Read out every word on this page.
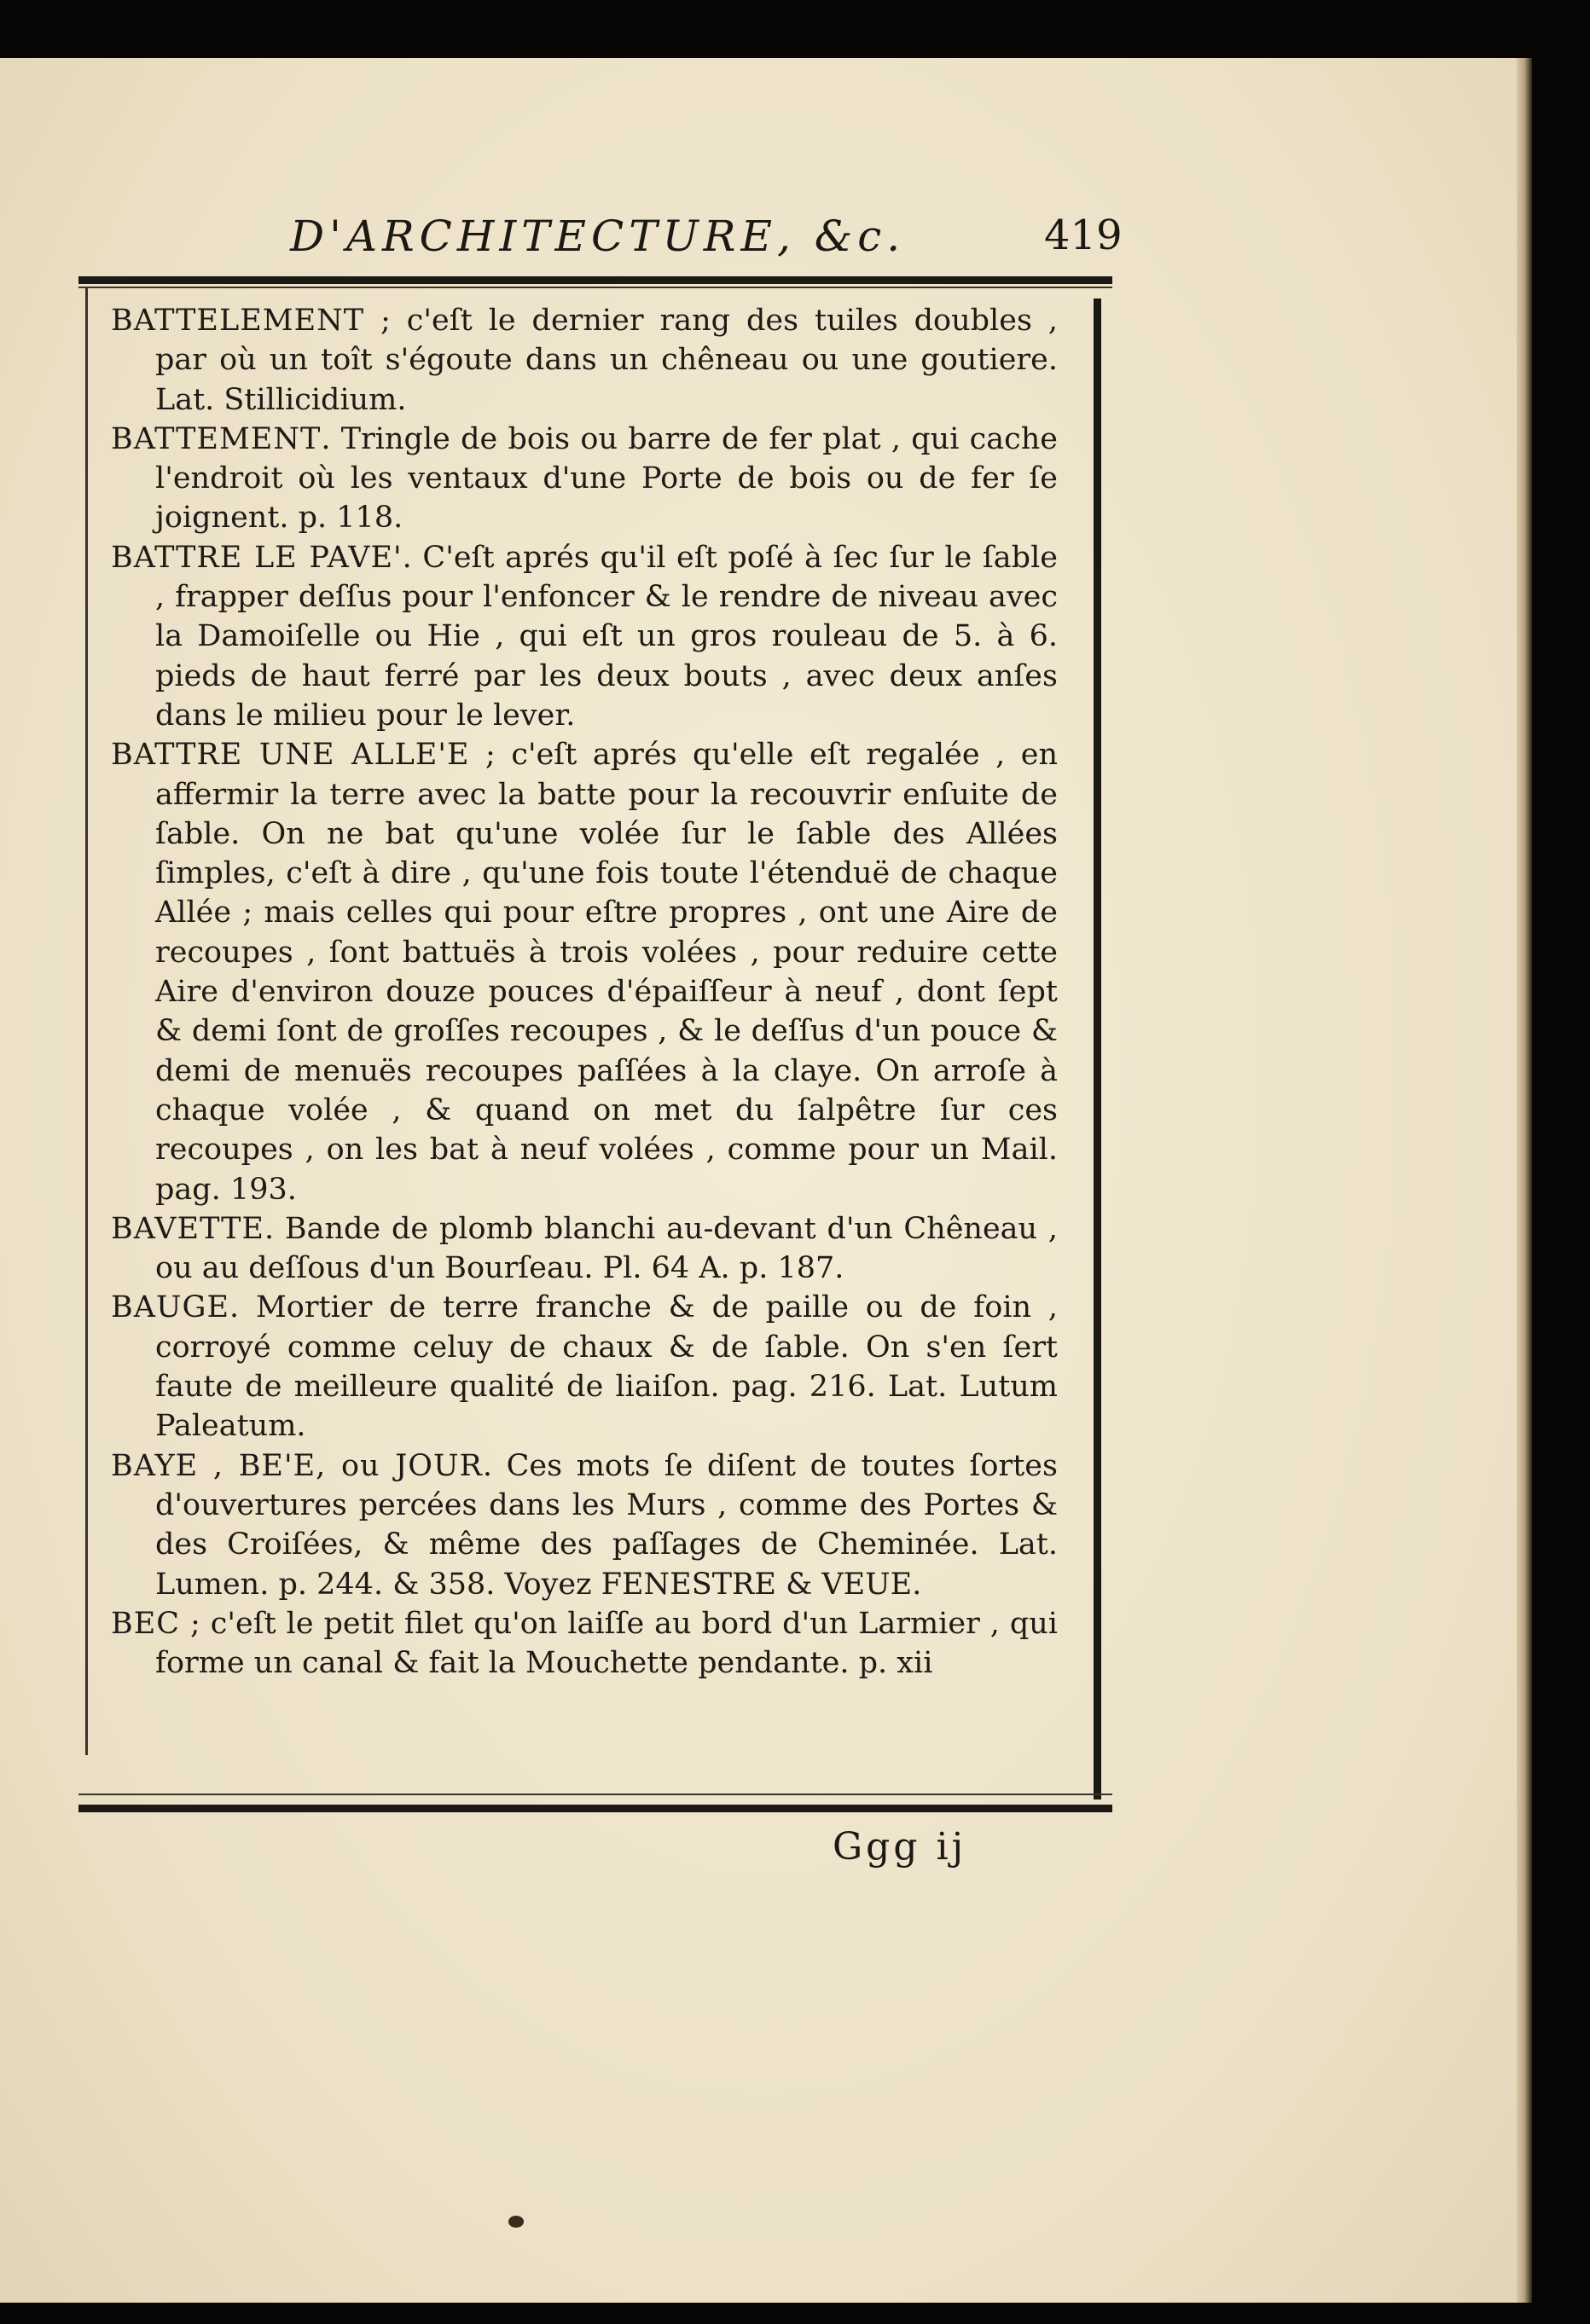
D'ARCHITECTURE, &c.	419

BATTELEMENT ; c'eſt le dernier rang des tuiles doubles , par où un toît s'égoute dans un chêneau ou une goutiere. Lat. Stillicidium.

BATTEMENT. Tringle de bois ou barre de fer plat , qui cache l'endroit où les ventaux d'une Porte de bois ou de fer ſe joignent. p. 118.

BATTRE LE PAVE'. C'eſt aprés qu'il eſt poſé à ſec ſur le ſable , frapper deſſus pour l'enfoncer & le rendre de niveau avec la Damoiſelle ou Hie , qui eſt un gros rouleau de 5. à 6. pieds de haut ferré par les deux bouts , avec deux anſes dans le milieu pour le lever.

BATTRE UNE ALLE'E ; c'eſt aprés qu'elle eſt regalée , en affermir la terre avec la batte pour la recouvrir enſuite de ſable. On ne bat qu'une volée ſur le ſable des Allées ſimples, c'eſt à dire , qu'une fois toute l'étenduë de chaque Allée ; mais celles qui pour eſtre propres , ont une Aire de recoupes , ſont battuës à trois volées , pour reduire cette Aire d'environ douze pouces d'épaiſſeur à neuf , dont ſept & demi ſont de groſſes recoupes , & le deſſus d'un pouce & demi de menuës recoupes paſſées à la claye. On arroſe à chaque volée , & quand on met du ſalpêtre ſur ces recoupes , on les bat à neuf volées , comme pour un Mail. pag. 193.

BAVETTE. Bande de plomb blanchi au-devant d'un Chêneau , ou au deſſous d'un Bourſeau. Pl. 64 A. p. 187.

BAUGE. Mortier de terre franche & de paille ou de foin , corroyé comme celuy de chaux & de ſable. On s'en ſert faute de meilleure qualité de liaiſon. pag. 216. Lat. Lutum Paleatum.

BAYE , BE'E, ou JOUR. Ces mots ſe diſent de toutes ſortes d'ouvertures percées dans les Murs , comme des Portes & des Croiſées, & même des paſſages de Cheminée. Lat. Lumen. p. 244. & 358. Voyez FENESTRE & VEUE.

BEC ; c'eſt le petit filet qu'on laiſſe au bord d'un Larmier , qui forme un canal & fait la Mouchette pendante. p. xii

Ggg ij
